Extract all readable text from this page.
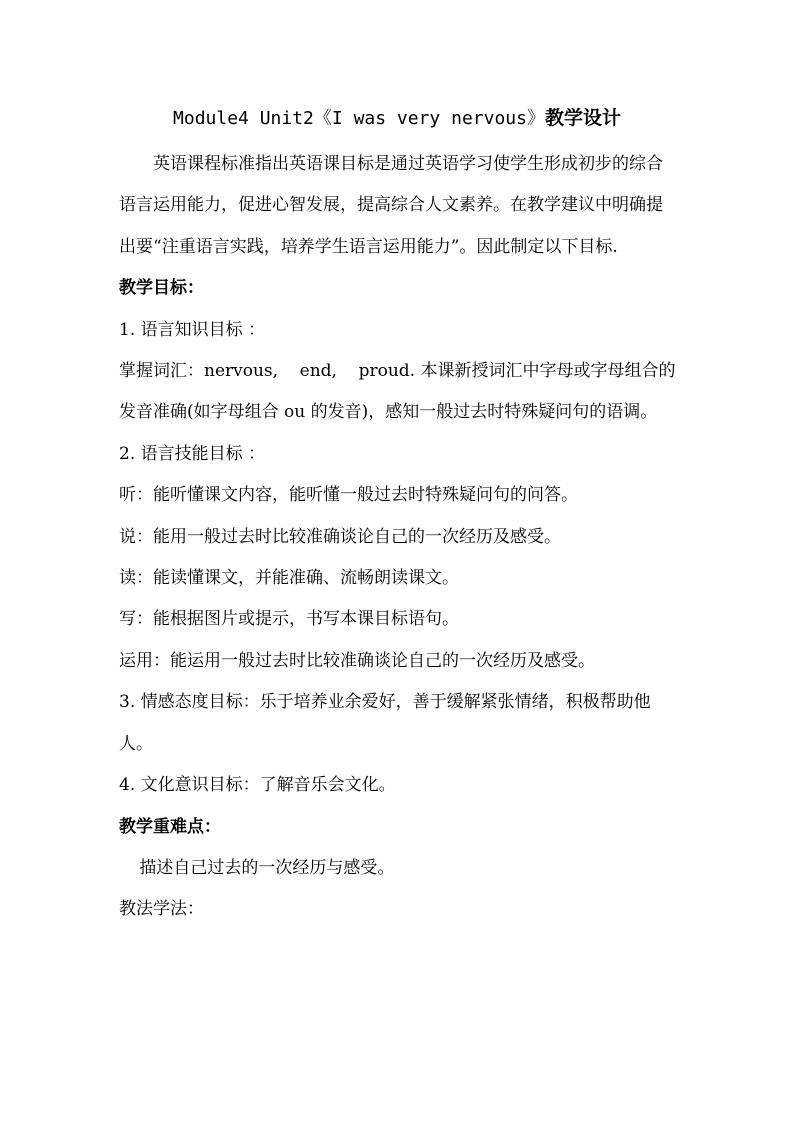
Module4 Unit2《I was very nervous》教学设计

英语课程标准指出英语课目标是通过英语学习使学生形成初步的综合语言运用能力，促进心智发展，提高综合人文素养。在教学建议中明确提出要“注重语言实践，培养学生语言运用能力”。因此制定以下目标.

教学目标：

1. 语言知识目标 ：

掌握词汇：nervous,    end,    proud. 本课新授词汇中字母或字母组合的发音准确(如字母组合 ou 的发音)，感知一般过去时特殊疑问句的语调。

2. 语言技能目标 ：

听：能听懂课文内容，能听懂一般过去时特殊疑问句的问答。

说：能用一般过去时比较准确谈论自己的一次经历及感受。

读：能读懂课文，并能准确、流畅朗读课文。

写：能根据图片或提示，书写本课目标语句。

运用：能运用一般过去时比较准确谈论自己的一次经历及感受。

3. 情感态度目标：乐于培养业余爱好，善于缓解紧张情绪，积极帮助他人。

4. 文化意识目标：了解音乐会文化。

教学重难点：

描述自己过去的一次经历与感受。

教法学法：
